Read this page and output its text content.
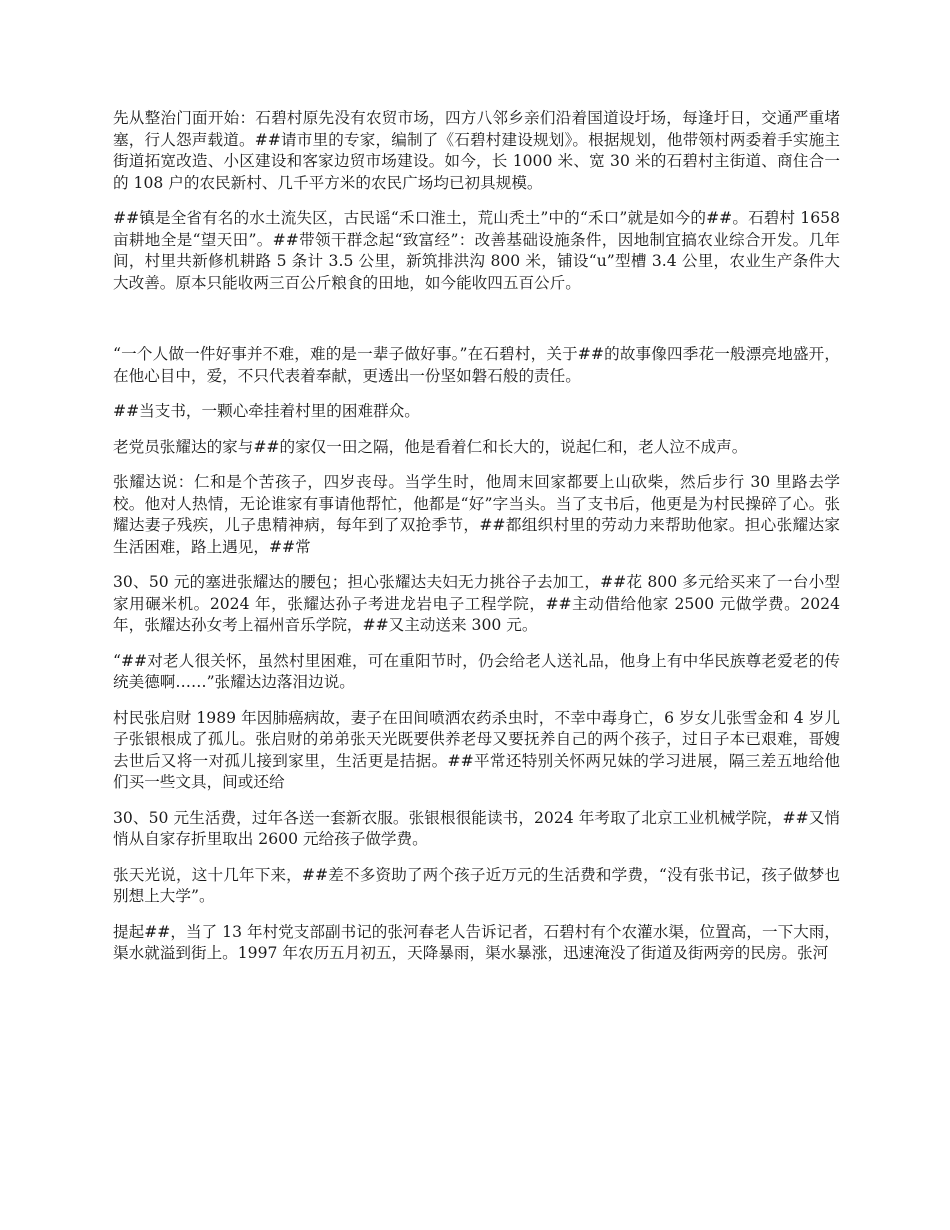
先从整治门面开始：石碧村原先没有农贸市场，四方八邻乡亲们沿着国道设圩场，每逢圩日，交通严重堵塞，行人怨声载道。##请市里的专家，编制了《石碧村建设规划》。根据规划，他带领村两委着手实施主街道拓宽改造、小区建设和客家边贸市场建设。如今，长 1000 米、宽 30 米的石碧村主街道、商住合一的 108 户的农民新村、几千平方米的农民广场均已初具规模。

##镇是全省有名的水土流失区，古民谣“禾口淮土，荒山秃土”中的“禾口”就是如今的##。石碧村 1658 亩耕地全是“望天田”。##带领干群念起“致富经”：改善基础设施条件，因地制宜搞农业综合开发。几年间，村里共新修机耕路 5 条计 3.5 公里，新筑排洪沟 800 米，铺设“u”型槽 3.4 公里，农业生产条件大大改善。原本只能收两三百公斤粮食的田地，如今能收四五百公斤。

“一个人做一件好事并不难，难的是一辈子做好事。”在石碧村，关于##的故事像四季花一般漂亮地盛开，在他心目中，爱，不只代表着奉献，更透出一份坚如磐石般的责任。

##当支书，一颗心牵挂着村里的困难群众。

老党员张耀达的家与##的家仅一田之隔，他是看着仁和长大的，说起仁和，老人泣不成声。

张耀达说：仁和是个苦孩子，四岁丧母。当学生时，他周末回家都要上山砍柴，然后步行 30 里路去学校。他对人热情，无论谁家有事请他帮忙，他都是“好”字当头。当了支书后，他更是为村民操碎了心。张耀达妻子残疾，儿子患精神病，每年到了双抢季节，##都组织村里的劳动力来帮助他家。担心张耀达家生活困难，路上遇见，##常

30、50 元的塞进张耀达的腰包；担心张耀达夫妇无力挑谷子去加工，##花 800 多元给买来了一台小型家用碾米机。2024 年，张耀达孙子考进龙岩电子工程学院，##主动借给他家 2500 元做学费。2024 年，张耀达孙女考上福州音乐学院，##又主动送来 300 元。

“##对老人很关怀，虽然村里困难，可在重阳节时，仍会给老人送礼品，他身上有中华民族尊老爱老的传统美德啊……”张耀达边落泪边说。

村民张启财 1989 年因肺癌病故，妻子在田间喷洒农药杀虫时，不幸中毒身亡，6 岁女儿张雪金和 4 岁儿子张银根成了孤儿。张启财的弟弟张天光既要供养老母又要抚养自己的两个孩子，过日子本已艰难，哥嫂去世后又将一对孤儿接到家里，生活更是拮据。##平常还特别关怀两兄妹的学习进展，隔三差五地给他们买一些文具，间或还给

30、50 元生活费，过年各送一套新衣服。张银根很能读书，2024 年考取了北京工业机械学院，##又悄悄从自家存折里取出 2600 元给孩子做学费。

张天光说，这十几年下来，##差不多资助了两个孩子近万元的生活费和学费，“没有张书记，孩子做梦也别想上大学”。

提起##，当了 13 年村党支部副书记的张河春老人告诉记者，石碧村有个农灌水渠，位置高，一下大雨，渠水就溢到街上。1997 年农历五月初五，天降暴雨，渠水暴涨，迅速淹没了街道及街两旁的民房。张河
